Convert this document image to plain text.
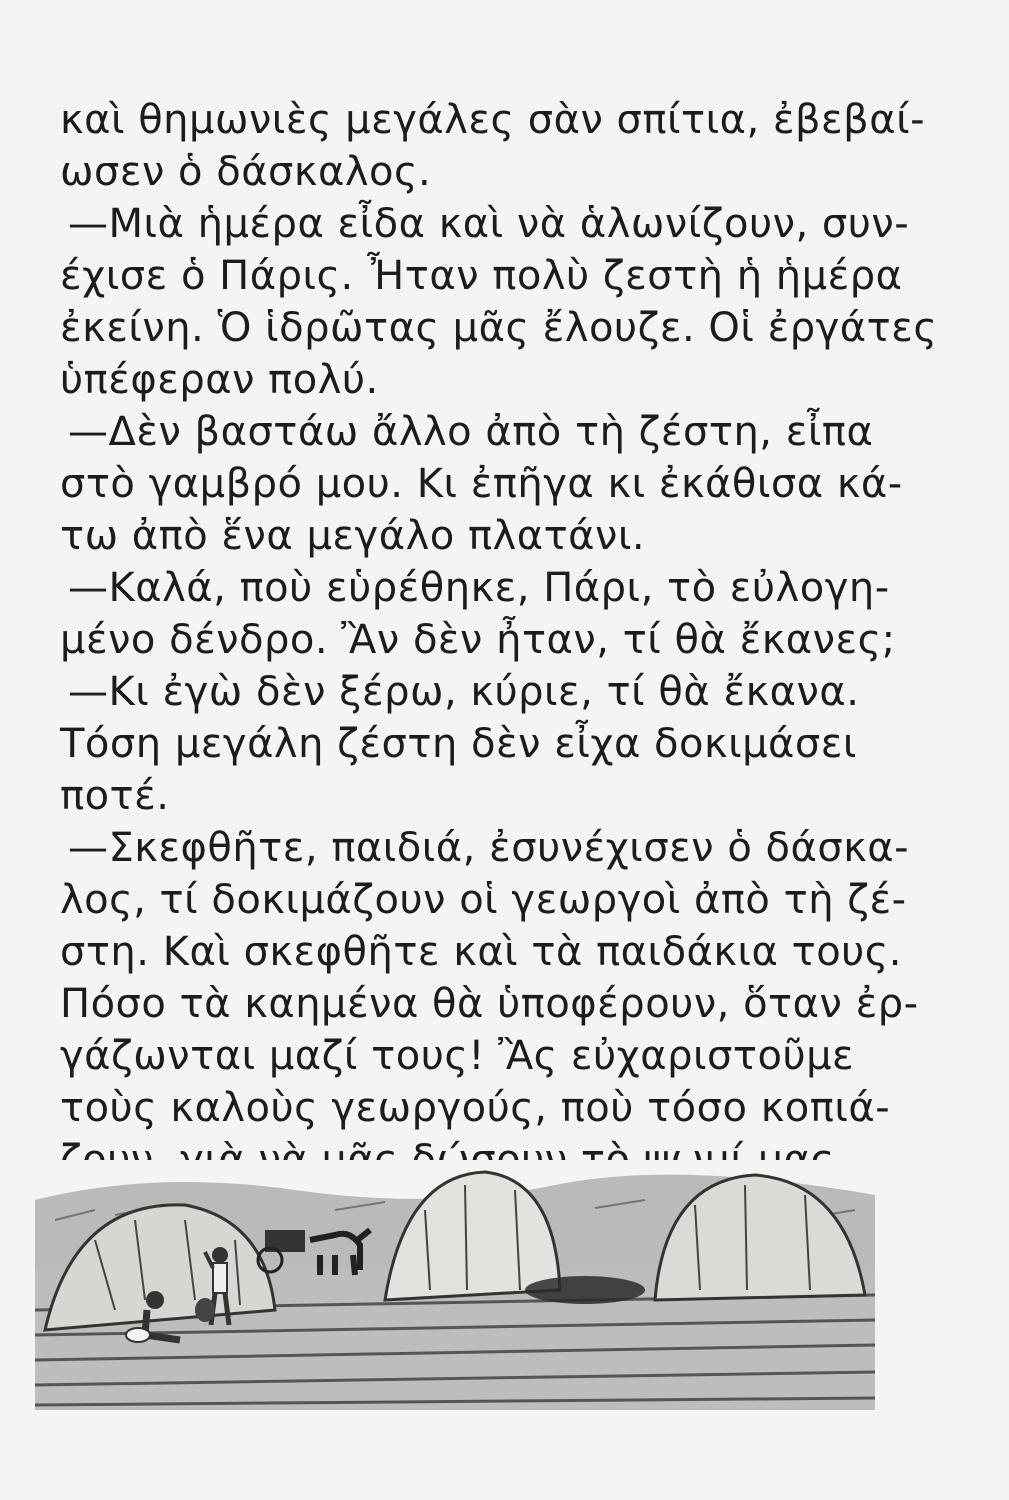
καὶ θημωνιὲς μεγάλες σὰν σπίτια, ἐβεβαί-
ωσεν ὁ δάσκαλος.
—Μιὰ ἡμέρα εἶδα καὶ νὰ ἁλωνίζουν, συν-
έχισε ὁ Πάρις. Ἦταν πολὺ ζεστὴ ἡ ἡμέρα
ἐκείνη. Ὁ ἱδρῶτας μᾶς ἔλουζε. Οἱ ἐργάτες
ὑπέφεραν πολύ.
—Δὲν βαστάω ἄλλο ἀπὸ τὴ ζέστη, εἶπα
στὸ γαμβρό μου. Κι ἐπῆγα κι ἐκάθισα κά-
τω ἀπὸ ἕνα μεγάλο πλατάνι.
—Καλά, ποὺ εὑρέθηκε, Πάρι, τὸ εὐλογη-
μένο δένδρο. Ἂν δὲν ἦταν, τί θὰ ἔκανες;
—Κι ἐγὼ δὲν ξέρω, κύριε, τί θὰ ἔκανα.
Τόση μεγάλη ζέστη δὲν εἶχα δοκιμάσει
ποτέ.
—Σκεφθῆτε, παιδιά, ἐσυνέχισεν ὁ δάσκα-
λος, τί δοκιμάζουν οἱ γεωργοὶ ἀπὸ τὴ ζέ-
στη. Καὶ σκεφθῆτε καὶ τὰ παιδάκια τους.
Πόσο τὰ καημένα θὰ ὑποφέρουν, ὅταν ἐρ-
γάζωνται μαζί τους! Ἂς εὐχαριστοῦμε
τοὺς καλοὺς γεωργούς, ποὺ τόσο κοπιά-
